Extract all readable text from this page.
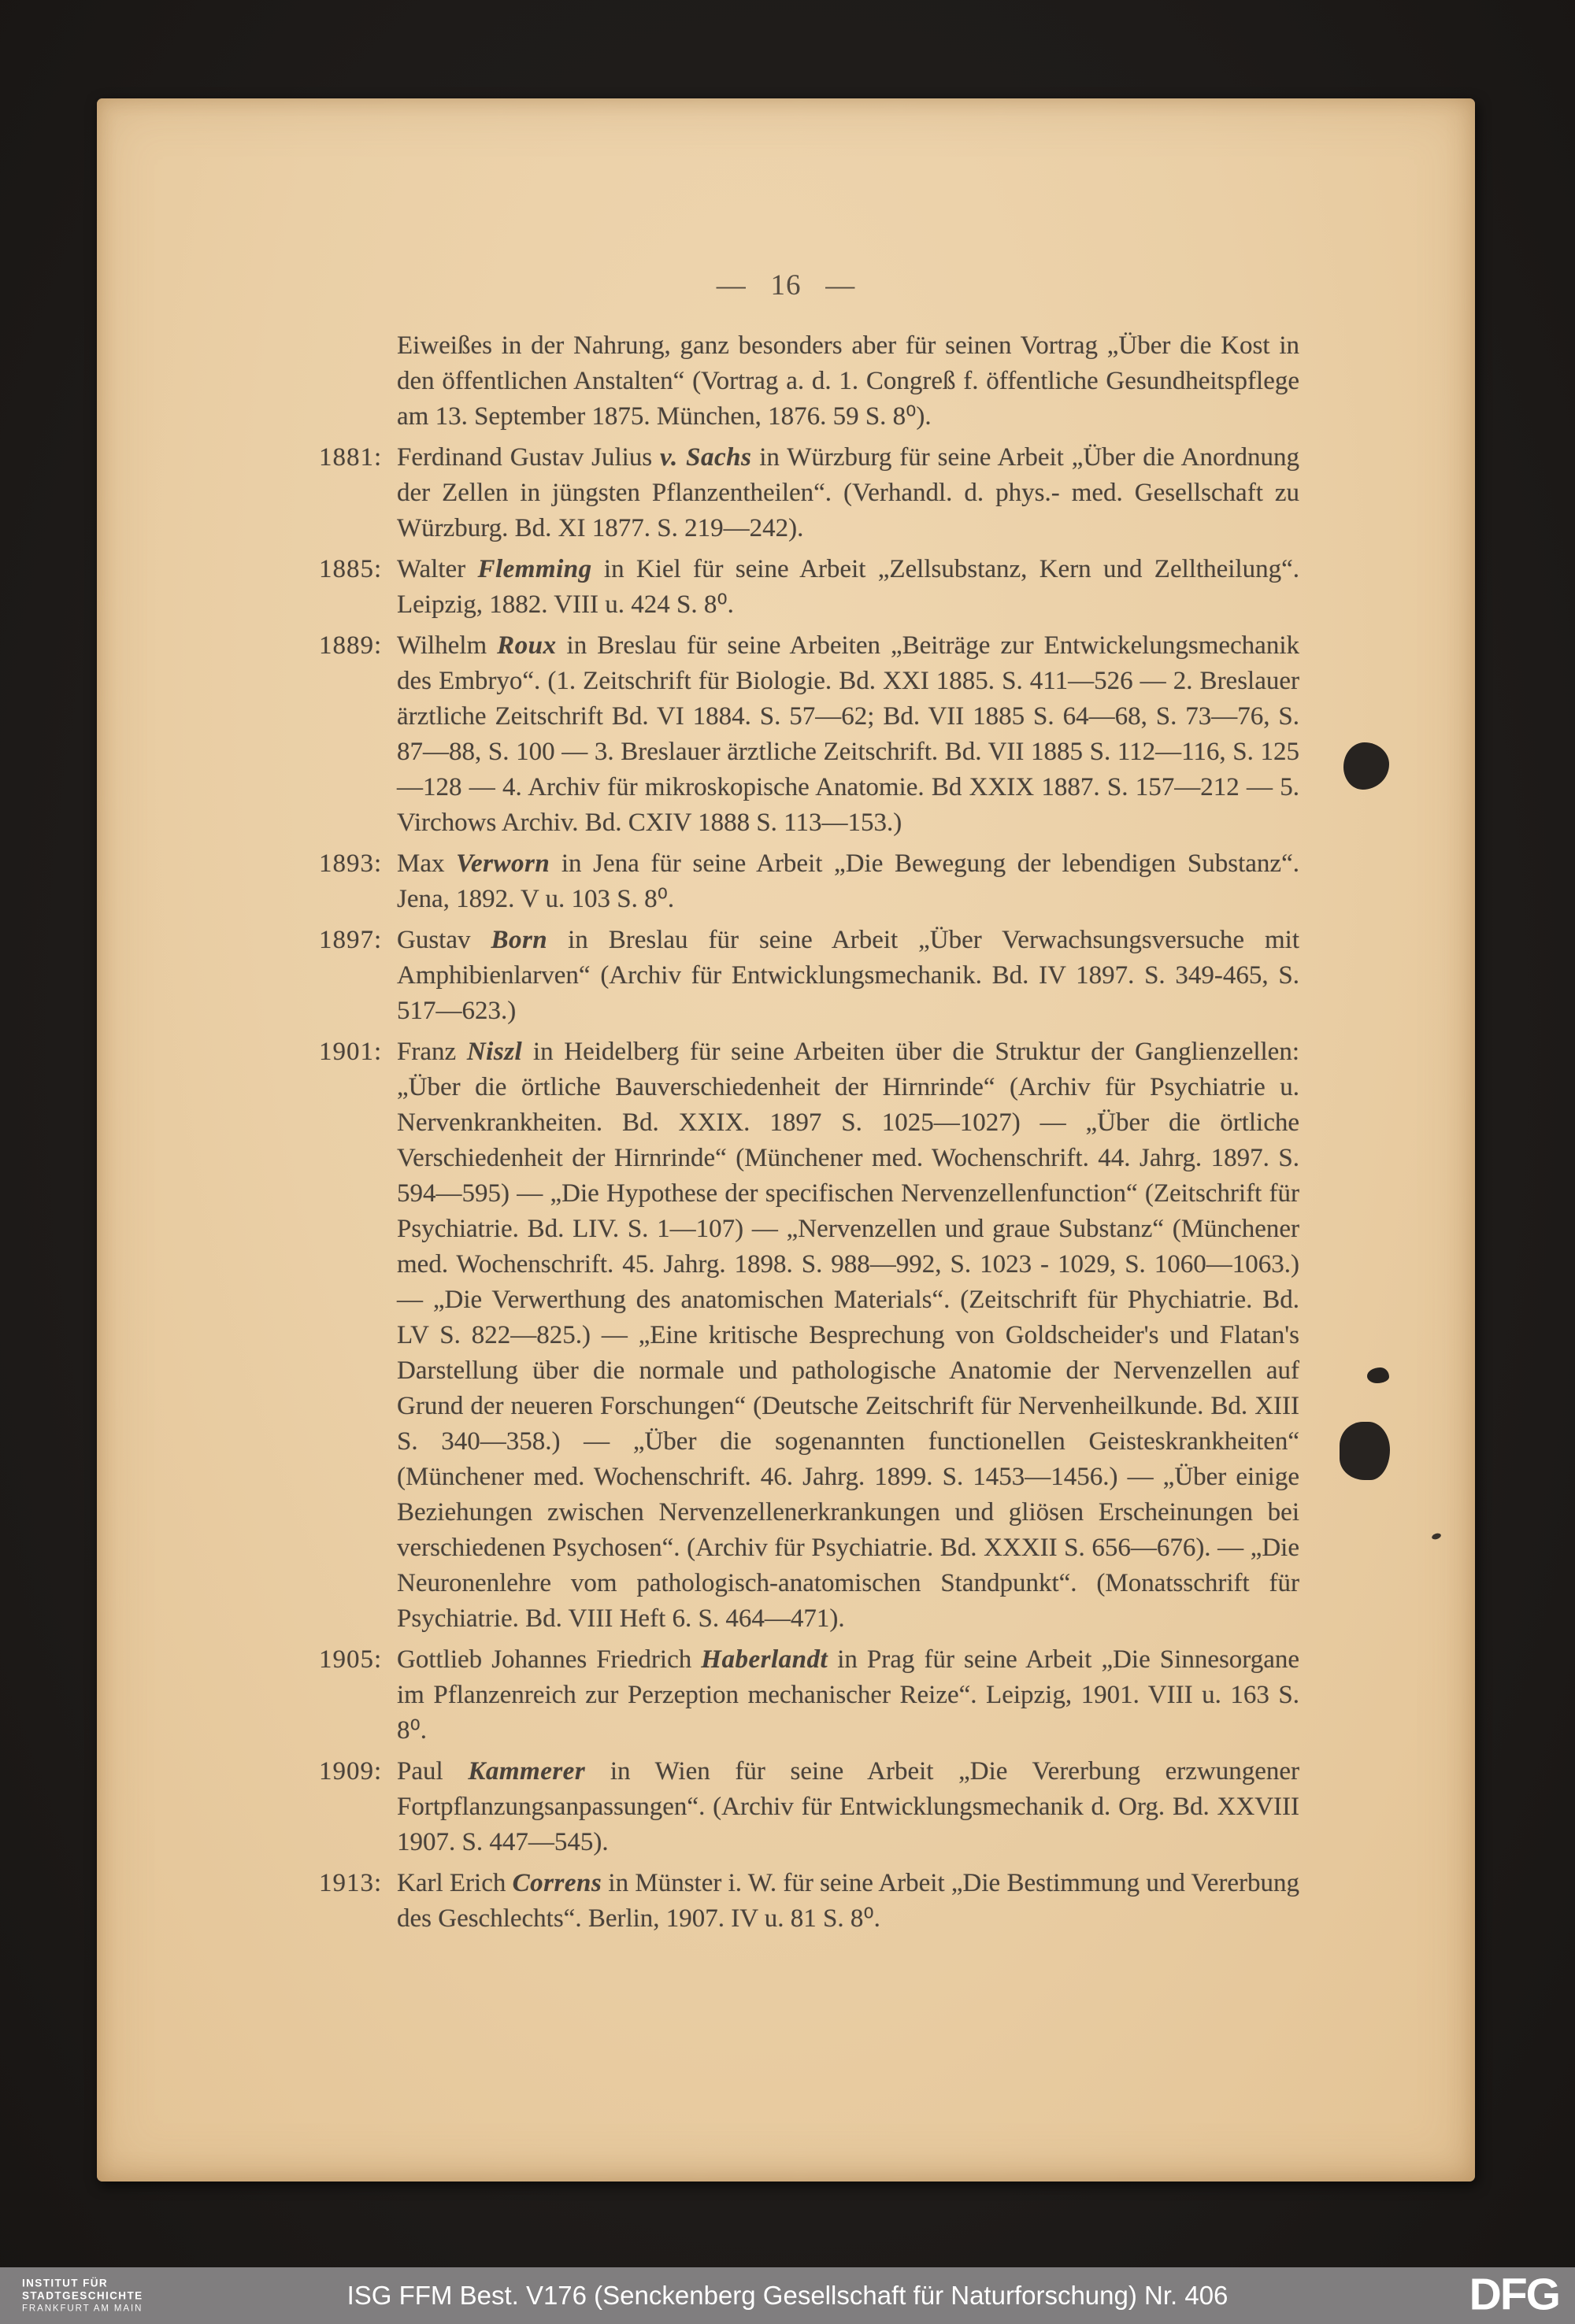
—   16   —

Eiweißes in der Nahrung, ganz besonders aber für seinen Vortrag „Über die Kost in den öffentlichen Anstalten“ (Vortrag a. d. 1. Congreß f. öffentliche Gesundheitspflege am 13. September 1875. München, 1876. 59 S. 8⁰).

1881: Ferdinand Gustav Julius v. Sachs in Würzburg für seine Arbeit „Über die Anordnung der Zellen in jüngsten Pflanzentheilen“. (Verhandl. d. phys.- med. Gesellschaft zu Würzburg. Bd. XI 1877. S. 219—242).

1885: Walter Flemming in Kiel für seine Arbeit „Zellsubstanz, Kern und Zelltheilung“. Leipzig, 1882. VIII u. 424 S. 8⁰.

1889: Wilhelm Roux in Breslau für seine Arbeiten „Beiträge zur Entwickelungsmechanik des Embryo“. (1. Zeitschrift für Biologie. Bd. XXI 1885. S. 411—526 — 2. Breslauer ärztliche Zeitschrift Bd. VI 1884. S. 57—62; Bd. VII 1885 S. 64—68, S. 73—76, S. 87—88, S. 100 — 3. Breslauer ärztliche Zeitschrift. Bd. VII 1885 S. 112—116, S. 125—128 — 4. Archiv für mikroskopische Anatomie. Bd XXIX 1887. S. 157—212 — 5. Virchows Archiv. Bd. CXIV 1888 S. 113—153.)

1893: Max Verworn in Jena für seine Arbeit „Die Bewegung der lebendigen Substanz“. Jena, 1892. V u. 103 S. 8⁰.

1897: Gustav Born in Breslau für seine Arbeit „Über Verwachsungsversuche mit Amphibienlarven“ (Archiv für Entwicklungsmechanik. Bd. IV 1897. S. 349-465, S. 517—623.)

1901: Franz Niszl in Heidelberg für seine Arbeiten über die Struktur der Ganglienzellen: „Über die örtliche Bauverschiedenheit der Hirnrinde“ (Archiv für Psychiatrie u. Nervenkrankheiten. Bd. XXIX. 1897 S. 1025—1027) — „Über die örtliche Verschiedenheit der Hirnrinde“ (Münchener med. Wochenschrift. 44. Jahrg. 1897. S. 594—595) — „Die Hypothese der specifischen Nervenzellenfunction“ (Zeitschrift für Psychiatrie. Bd. LIV. S. 1—107) — „Nervenzellen und graue Substanz“ (Münchener med. Wochenschrift. 45. Jahrg. 1898. S. 988—992, S. 1023 - 1029, S. 1060—1063.) — „Die Verwerthung des anatomischen Materials“. (Zeitschrift für Phychiatrie. Bd. LV S. 822—825.) — „Eine kritische Besprechung von Goldscheider's und Flatan's Darstellung über die normale und pathologische Anatomie der Nervenzellen auf Grund der neueren Forschungen“ (Deutsche Zeitschrift für Nervenheilkunde. Bd. XIII S. 340—358.) — „Über die sogenannten functionellen Geisteskrankheiten“ (Münchener med. Wochenschrift. 46. Jahrg. 1899. S. 1453—1456.) — „Über einige Beziehungen zwischen Nervenzellenerkrankungen und gliösen Erscheinungen bei verschiedenen Psychosen“. (Archiv für Psychiatrie. Bd. XXXII S. 656—676). — „Die Neuronenlehre vom pathologisch-anatomischen Standpunkt“. (Monatsschrift für Psychiatrie. Bd. VIII Heft 6. S. 464—471).

1905: Gottlieb Johannes Friedrich Haberlandt in Prag für seine Arbeit „Die Sinnesorgane im Pflanzenreich zur Perzeption mechanischer Reize“. Leipzig, 1901. VIII u. 163 S. 8⁰.

1909: Paul Kammerer in Wien für seine Arbeit „Die Vererbung erzwungener Fortpflanzungsanpassungen“. (Archiv für Entwicklungsmechanik d. Org. Bd. XXVIII 1907. S. 447—545).

1913: Karl Erich Correns in Münster i. W. für seine Arbeit „Die Bestimmung und Vererbung des Geschlechts“. Berlin, 1907. IV u. 81 S. 8⁰.

INSTITUT FÜR
STADTGESCHICHTE
FRANKFURT AM MAIN	ISG FFM Best. V176 (Senckenberg Gesellschaft für Naturforschung) Nr. 406	DFG
